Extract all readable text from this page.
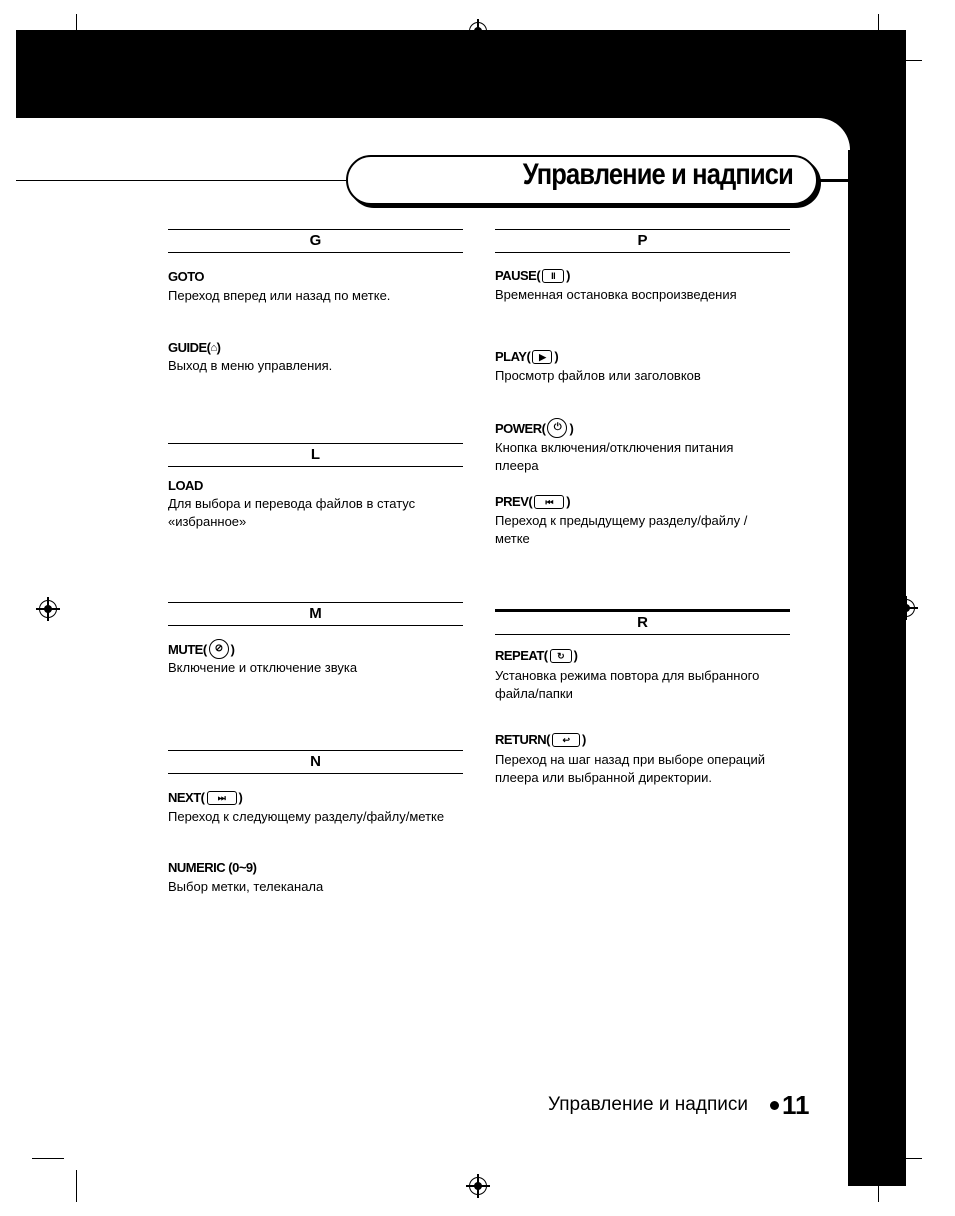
Управление и надписи
G
GOTO
Переход вперед или назад по метке.
GUIDE( ⌂ )
Выход в меню управления.
L
LOAD
Для выбора и перевода файлов в статус «избранное»
M
MUTE( ⊘ )
Включение и отключение звука
N
NEXT(	⏭	)
Переход к следующему разделу/файлу/метке
NUMERIC (0~9)
Выбор метки, телеканала
P
PAUSE(	II )
Временная остановка воспроизведения
PLAY( ▶ )
Просмотр файлов или заголовков
POWER( ⏻ )
Кнопка включения/отключения питания плеера
PREV(	⏮	)
Переход к предыдущему разделу/файлу /метке
R
REPEAT(	↻ )
Установка режима повтора для выбранного файла/папки
RETURN(	↩ )
Переход на шаг назад при выборе операций плеера или выбранной директории.
Управление и надписи 11
